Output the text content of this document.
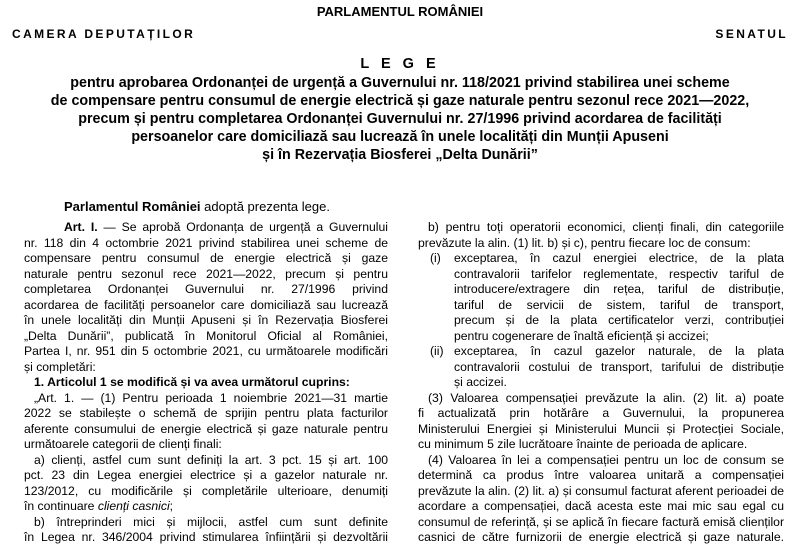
PARLAMENTUL ROMÂNIEI
CAMERA DEPUTAȚILOR	SENATUL
L E G E
pentru aprobarea Ordonanței de urgență a Guvernului nr. 118/2021 privind stabilirea unei scheme
de compensare pentru consumul de energie electrică și gaze naturale pentru sezonul rece 2021—2022,
precum și pentru completarea Ordonanței Guvernului nr. 27/1996 privind acordarea de facilități
persoanelor care domiciliază sau lucrează în unele localități din Munții Apuseni
și în Rezervația Biosferei „Delta Dunării”
Parlamentul României adoptă prezenta lege.
Art. I. — Se aprobă Ordonanța de urgență a Guvernului
nr. 118 din 4 octombrie 2021 privind stabilirea unei scheme de
compensare pentru consumul de energie electrică și gaze
naturale pentru sezonul rece 2021—2022, precum și pentru
completarea Ordonanței Guvernului nr. 27/1996 privind
acordarea de facilități persoanelor care domiciliază sau lucrează
în unele localități din Munții Apuseni și în Rezervația Biosferei
„Delta Dunării”, publicată în Monitorul Oficial al României,
Partea I, nr. 951 din 5 octombrie 2021, cu următoarele modificări
și completări:
1. Articolul 1 se modifică și va avea următorul cuprins:
„Art. 1. — (1) Pentru perioada 1 noiembrie 2021—31 martie
2022 se stabilește o schemă de sprijin pentru plata facturilor
aferente consumului de energie electrică și gaze naturale pentru
următoarele categorii de clienți finali:
a) clienți, astfel cum sunt definiți la art. 3 pct. 15 și art. 100
pct. 23 din Legea energiei electrice și a gazelor naturale nr.
123/2012, cu modificările și completările ulterioare, denumiți
în continuare clienți casnici;
b) întreprinderi mici și mijlocii, astfel cum sunt definite
în Legea nr. 346/2004 privind stimularea înființării și dezvoltării
b) pentru toți operatorii economici, clienți finali, din categoriile
prevăzute la alin. (1) lit. b) și c), pentru fiecare loc de consum:
(i)	exceptarea, în cazul energiei electrice, de la plata
contravalorii tarifelor reglementate, respectiv tariful de
introducere/extragere din rețea, tariful de distribuție,
tariful de servicii de sistem, tariful de transport,
precum și de la plata certificatelor verzi, contribuției
pentru cogenerare de înaltă eficiență și accizei;
(ii) exceptarea, în cazul gazelor naturale, de la plata
contravalorii costului de transport, tarifului de distribuție
și accizei.
(3) Valoarea compensației prevăzute la alin. (2) lit. a) poate
fi actualizată prin hotărâre a Guvernului, la propunerea
Ministerului Energiei și Ministerului Muncii și Protecției Sociale,
cu minimum 5 zile lucrătoare înainte de perioada de aplicare.
(4) Valoarea în lei a compensației pentru un loc de consum se
determină ca produs între valoarea unitară a compensației
prevăzute la alin. (2) lit. a) și consumul facturat aferent perioadei de
acordare a compensației, dacă acesta este mai mic sau egal cu
consumul de referință, și se aplică în fiecare factură emisă clienților
casnici de către furnizorii de energie electrică și gaze naturale.
